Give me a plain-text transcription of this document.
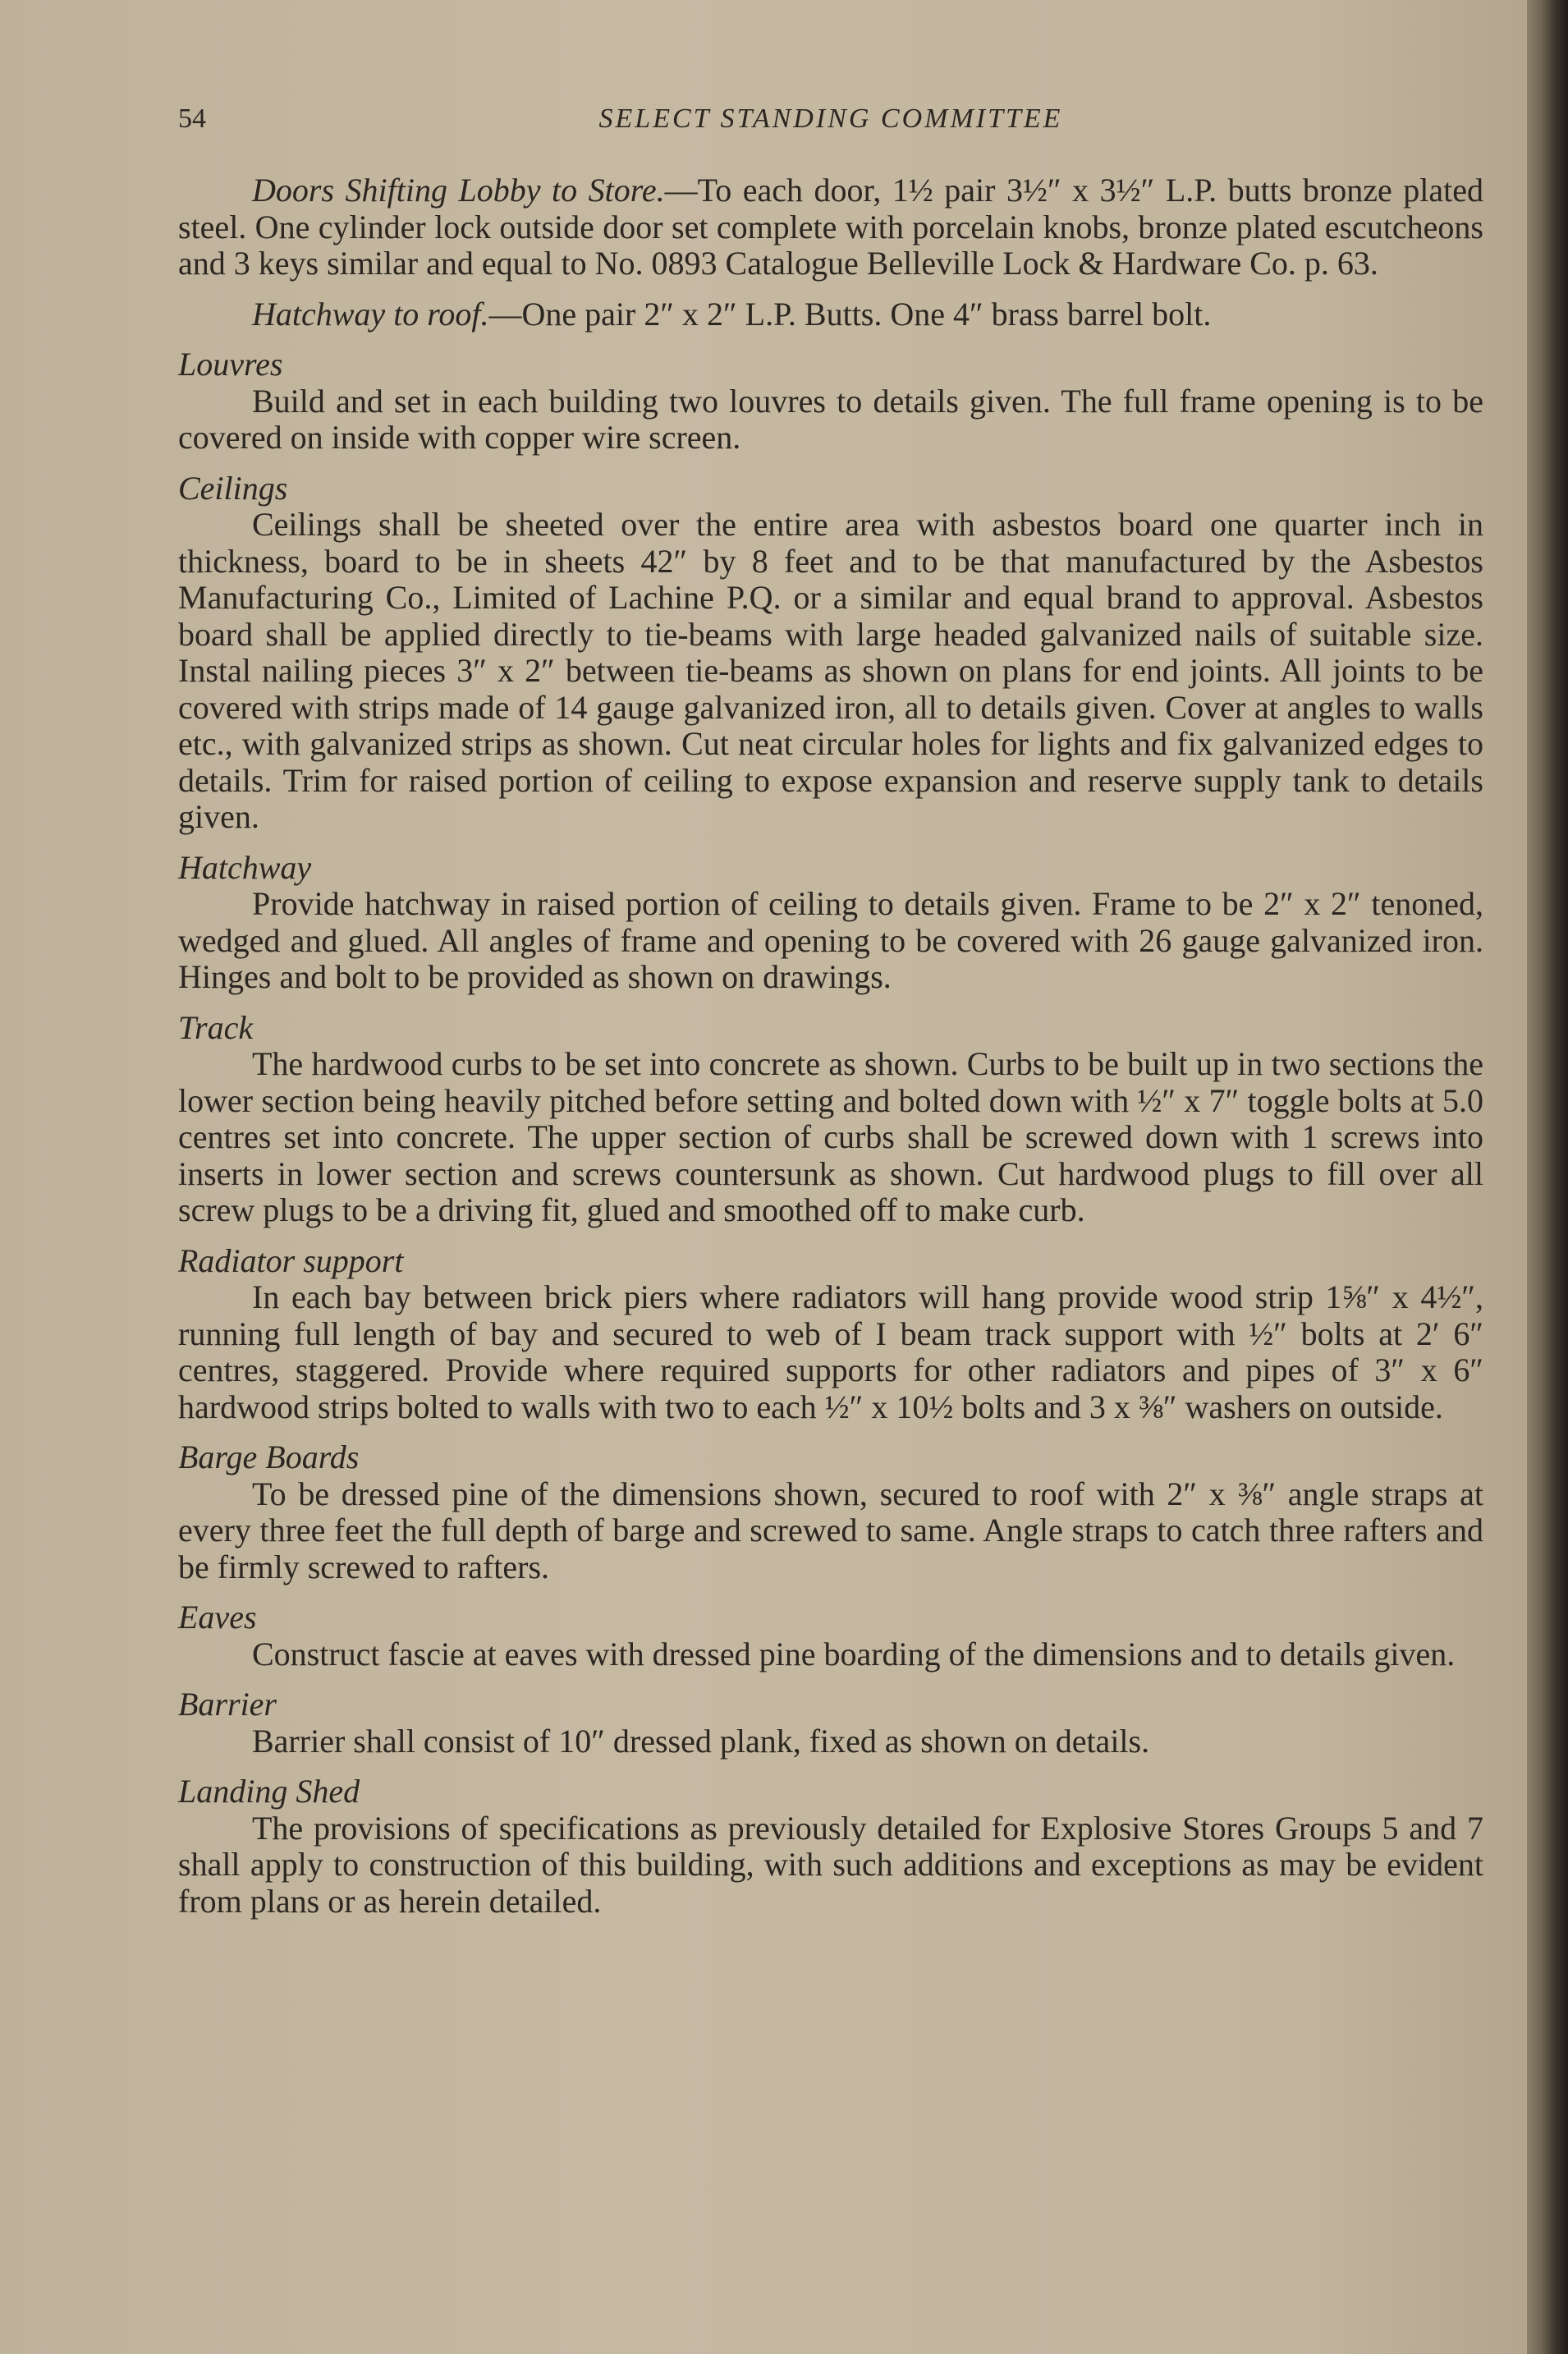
54	SELECT STANDING COMMITTEE

Doors Shifting Lobby to Store.—To each door, 1½ pair 3½″ x 3½″ L.P. butts bronze plated steel. One cylinder lock outside door set complete with porcelain knobs, bronze plated escutcheons and 3 keys similar and equal to No. 0893 Catalogue Belleville Lock & Hardware Co. p. 63.

Hatchway to roof.—One pair 2″ x 2″ L.P. Butts. One 4″ brass barrel bolt.

Louvres

Build and set in each building two louvres to details given. The full frame opening is to be covered on inside with copper wire screen.

Ceilings

Ceilings shall be sheeted over the entire area with asbestos board one quarter inch in thickness, board to be in sheets 42″ by 8 feet and to be that manufactured by the Asbestos Manufacturing Co., Limited of Lachine P.Q. or a similar and equal brand to approval. Asbestos board shall be applied directly to tie-beams with large headed galvanized nails of suitable size. Instal nailing pieces 3″ x 2″ between tie-beams as shown on plans for end joints. All joints to be covered with strips made of 14 gauge galvanized iron, all to details given. Cover at angles to walls etc., with galvanized strips as shown. Cut neat circular holes for lights and fix galvanized edges to details. Trim for raised portion of ceiling to expose expansion and reserve supply tank to details given.

Hatchway

Provide hatchway in raised portion of ceiling to details given. Frame to be 2″ x 2″ tenoned, wedged and glued. All angles of frame and opening to be covered with 26 gauge galvanized iron. Hinges and bolt to be provided as shown on drawings.

Track

The hardwood curbs to be set into concrete as shown. Curbs to be built up in two sections the lower section being heavily pitched before setting and bolted down with ½″ x 7″ toggle bolts at 5.0 centres set into concrete. The upper section of curbs shall be screwed down with 1 screws into inserts in lower section and screws countersunk as shown. Cut hardwood plugs to fill over all screw plugs to be a driving fit, glued and smoothed off to make curb.

Radiator support

In each bay between brick piers where radiators will hang provide wood strip 1⅝″ x 4½″, running full length of bay and secured to web of I beam track support with ½″ bolts at 2′ 6″ centres, staggered. Provide where required supports for other radiators and pipes of 3″ x 6″ hardwood strips bolted to walls with two to each ½″ x 10½ bolts and 3 x ⅜″ washers on outside.

Barge Boards

To be dressed pine of the dimensions shown, secured to roof with 2″ x ⅜″ angle straps at every three feet the full depth of barge and screwed to same. Angle straps to catch three rafters and be firmly screwed to rafters.

Eaves

Construct fascie at eaves with dressed pine boarding of the dimensions and to details given.

Barrier

Barrier shall consist of 10″ dressed plank, fixed as shown on details.

Landing Shed

The provisions of specifications as previously detailed for Explosive Stores Groups 5 and 7 shall apply to construction of this building, with such additions and exceptions as may be evident from plans or as herein detailed.
